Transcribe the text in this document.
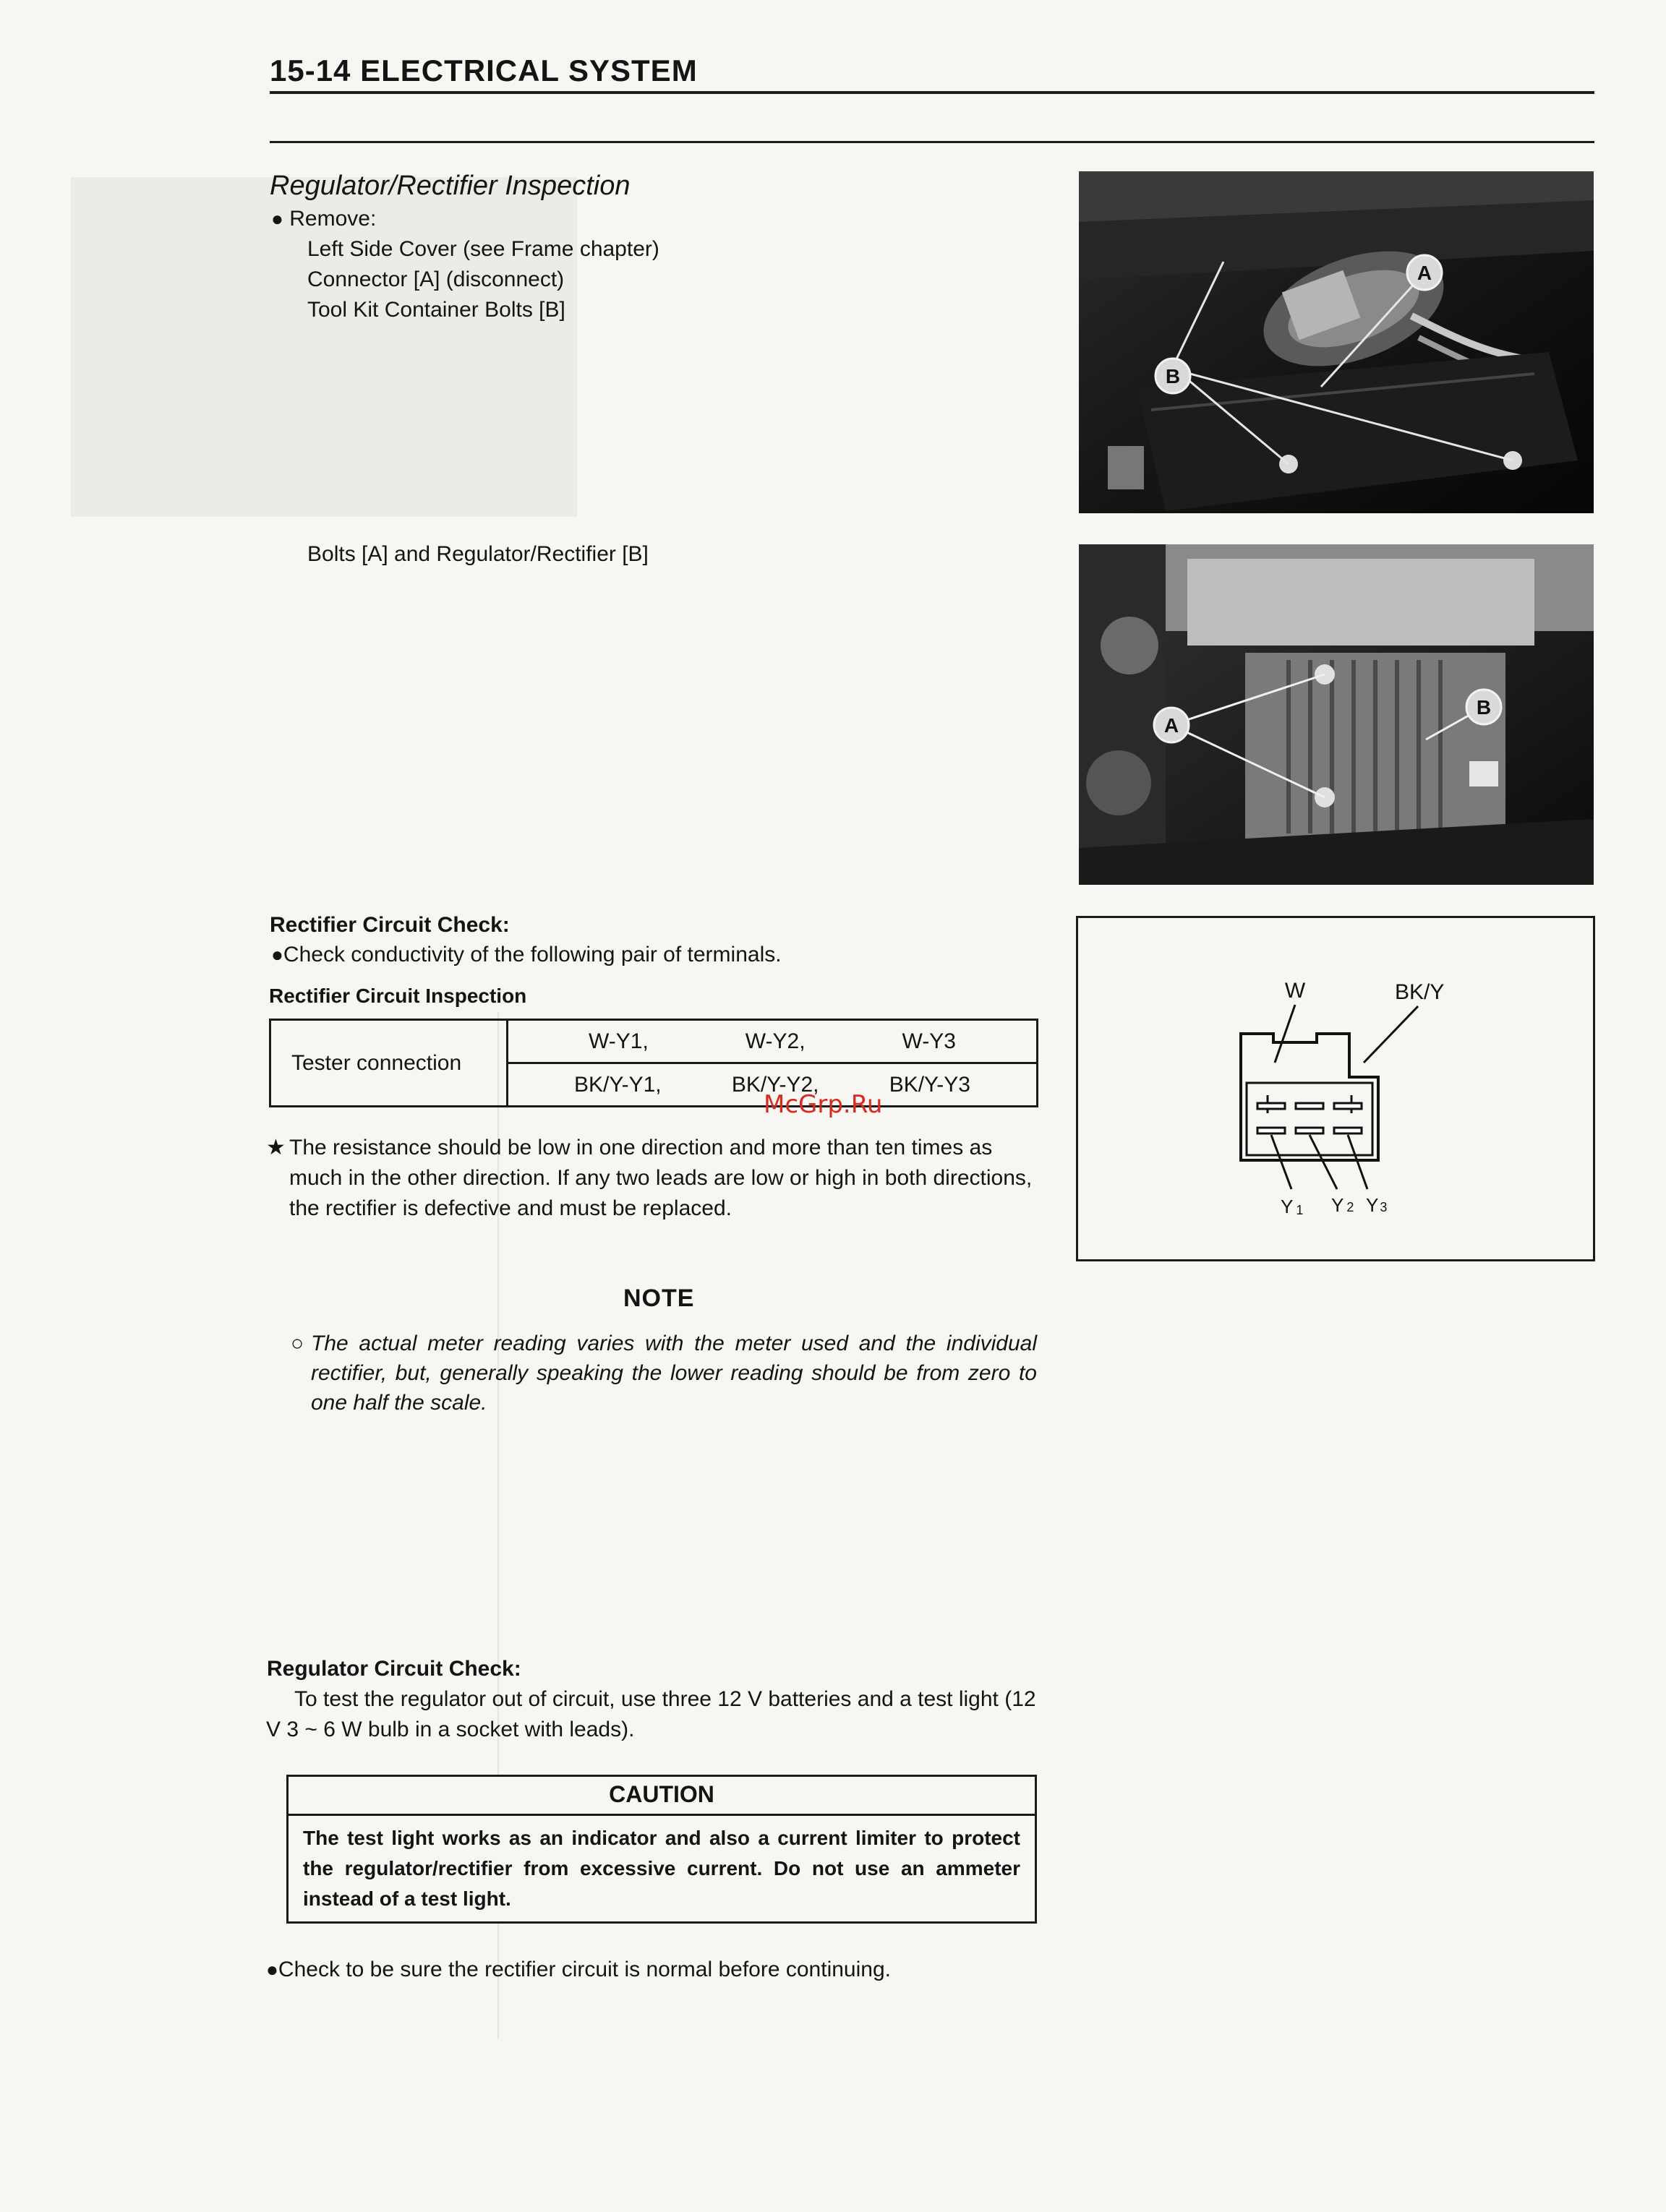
15-14 ELECTRICAL SYSTEM
Regulator/Rectifier Inspection
● Remove:
Left Side Cover (see Frame chapter)
Connector [A] (disconnect)
Tool Kit Container Bolts [B]
A
B
A
B
Bolts [A] and Regulator/Rectifier [B]
W	BK/Y
Y 1 Y 2 Y 3
Rectifier Circuit Check:
●Check conductivity of the following pair of terminals.
Rectifier Circuit Inspection
Tester connection	
W-Y1,	W-Y2,	W-Y3

BK/Y-Y1,	BK/Y-Y2,	BK/Y-Y3
McGrp.Ru
★ The resistance should be low in one direction and more than ten times as much in the other direction. If any two leads are low or high in both directions, the rectifier is defective and must be replaced.
NOTE
○ The actual meter reading varies with the meter used and the individual rectifier, but, generally speaking the lower reading should be from zero to one half the scale.
Regulator Circuit Check:
To test the regulator out of circuit, use three 12 V batteries and a test light (12 V 3 ~ 6 W bulb in a socket with leads).
CAUTION
The test light works as an indicator and also a current limiter to protect the regulator/rectifier from excessive current. Do not use an ammeter instead of a test light.
●Check to be sure the rectifier circuit is normal before continuing.
